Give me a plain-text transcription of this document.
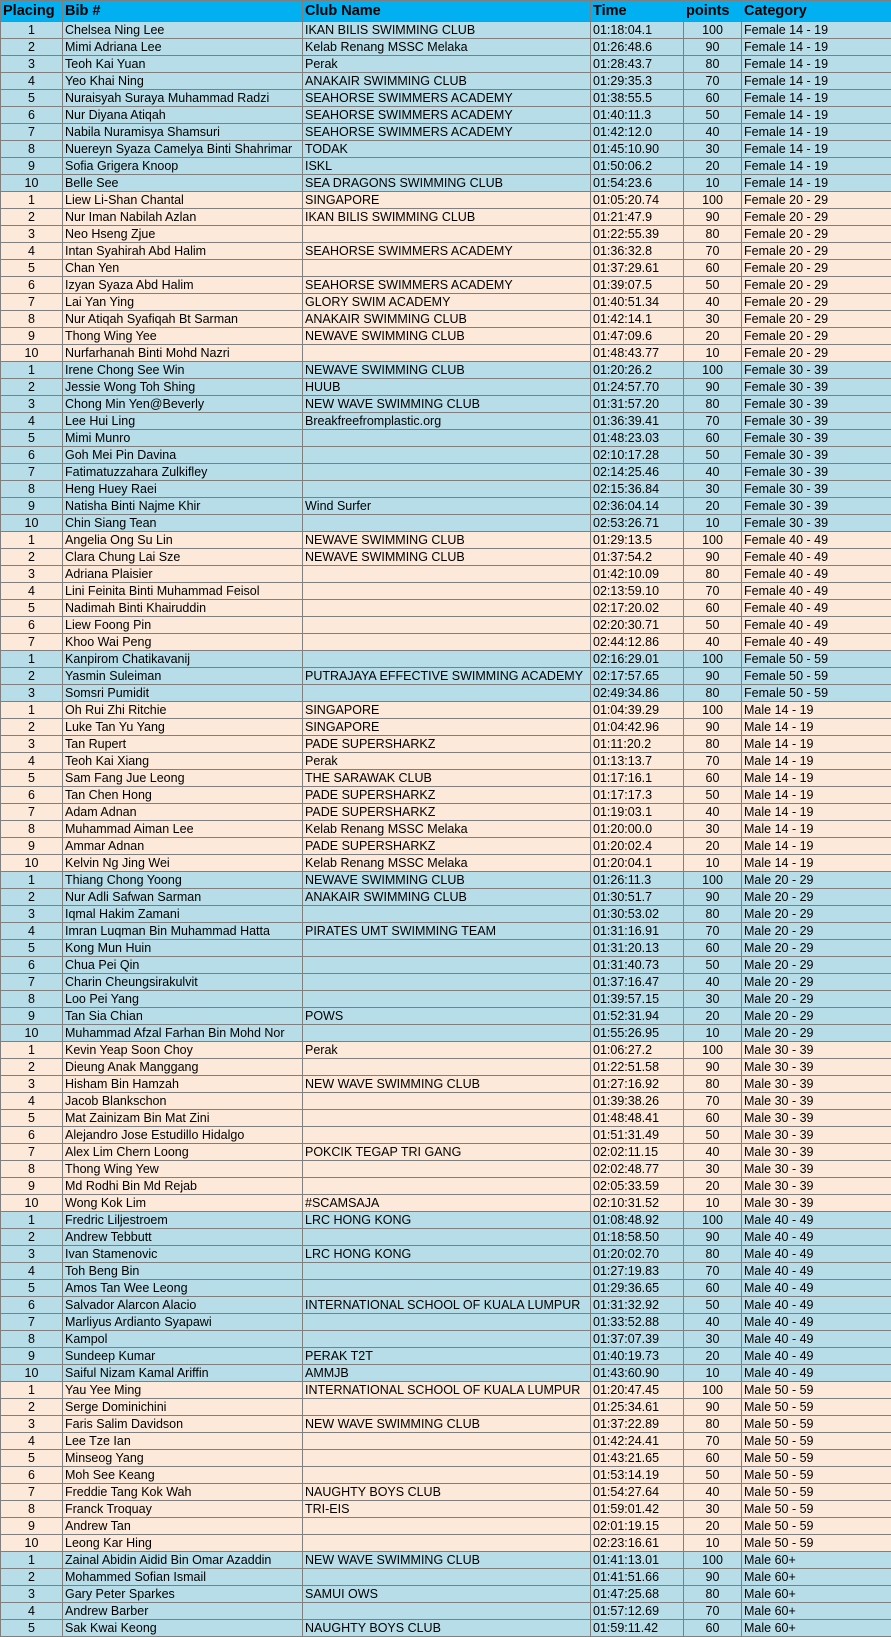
Placing	Bib #	Club Name	Time	points	Category
1	Chelsea Ning Lee	IKAN BILIS SWIMMING CLUB	01:18:04.1	100	Female 14 - 19
2	Mimi Adriana Lee	Kelab Renang MSSC Melaka	01:26:48.6	90	Female 14 - 19
3	Teoh Kai Yuan	Perak	01:28:43.7	80	Female 14 - 19
4	Yeo Khai Ning	ANAKAIR SWIMMING CLUB	01:29:35.3	70	Female 14 - 19
5	Nuraisyah Suraya Muhammad Radzi	SEAHORSE SWIMMERS ACADEMY	01:38:55.5	60	Female 14 - 19
6	Nur Diyana Atiqah	SEAHORSE SWIMMERS ACADEMY	01:40:11.3	50	Female 14 - 19
7	Nabila Nuramisya Shamsuri	SEAHORSE SWIMMERS ACADEMY	01:42:12.0	40	Female 14 - 19
8	Nuereyn Syaza Camelya Binti Shahrimar	TODAK	01:45:10.90	30	Female 14 - 19
9	Sofia Grigera Knoop	ISKL	01:50:06.2	20	Female 14 - 19
10	Belle See	SEA DRAGONS SWIMMING CLUB	01:54:23.6	10	Female 14 - 19
1	Liew Li-Shan Chantal	SINGAPORE	01:05:20.74	100	Female 20 - 29
2	Nur Iman Nabilah Azlan	IKAN BILIS SWIMMING CLUB	01:21:47.9	90	Female 20 - 29
3	Neo Hseng Zjue		01:22:55.39	80	Female 20 - 29
4	Intan Syahirah Abd Halim	SEAHORSE SWIMMERS ACADEMY	01:36:32.8	70	Female 20 - 29
5	Chan Yen		01:37:29.61	60	Female 20 - 29
6	Izyan Syaza Abd Halim	SEAHORSE SWIMMERS ACADEMY	01:39:07.5	50	Female 20 - 29
7	Lai Yan Ying	GLORY SWIM ACADEMY	01:40:51.34	40	Female 20 - 29
8	Nur Atiqah Syafiqah Bt Sarman	ANAKAIR SWIMMING CLUB	01:42:14.1	30	Female 20 - 29
9	Thong Wing Yee	NEWAVE SWIMMING CLUB	01:47:09.6	20	Female 20 - 29
10	Nurfarhanah Binti Mohd Nazri		01:48:43.77	10	Female 20 - 29
1	Irene Chong See Win	NEWAVE SWIMMING CLUB	01:20:26.2	100	Female 30 - 39
2	Jessie Wong Toh Shing	HUUB	01:24:57.70	90	Female 30 - 39
3	Chong Min Yen@Beverly	NEW WAVE SWIMMING CLUB	01:31:57.20	80	Female 30 - 39
4	Lee Hui Ling	Breakfreefromplastic.org	01:36:39.41	70	Female 30 - 39
5	Mimi Munro		01:48:23.03	60	Female 30 - 39
6	Goh Mei Pin Davina		02:10:17.28	50	Female 30 - 39
7	Fatimatuzzahara Zulkifley		02:14:25.46	40	Female 30 - 39
8	Heng Huey Raei		02:15:36.84	30	Female 30 - 39
9	Natisha Binti Najme Khir	Wind Surfer	02:36:04.14	20	Female 30 - 39
10	Chin Siang Tean		02:53:26.71	10	Female 30 - 39
1	Angelia Ong Su Lin	NEWAVE SWIMMING CLUB	01:29:13.5	100	Female 40 - 49
2	Clara Chung Lai Sze	NEWAVE SWIMMING CLUB	01:37:54.2	90	Female 40 - 49
3	Adriana Plaisier		01:42:10.09	80	Female 40 - 49
4	Lini Feinita Binti Muhammad Feisol		02:13:59.10	70	Female 40 - 49
5	Nadimah Binti Khairuddin		02:17:20.02	60	Female 40 - 49
6	Liew Foong Pin		02:20:30.71	50	Female 40 - 49
7	Khoo Wai Peng		02:44:12.86	40	Female 40 - 49
1	Kanpirom Chatikavanij		02:16:29.01	100	Female 50 - 59
2	Yasmin Suleiman	PUTRAJAYA EFFECTIVE SWIMMING ACADEMY	02:17:57.65	90	Female 50 - 59
3	Somsri Pumidit		02:49:34.86	80	Female 50 - 59
1	Oh Rui Zhi Ritchie	SINGAPORE	01:04:39.29	100	Male 14 - 19
2	Luke Tan Yu Yang	SINGAPORE	01:04:42.96	90	Male 14 - 19
3	Tan Rupert	PADE SUPERSHARKZ	01:11:20.2	80	Male 14 - 19
4	Teoh Kai Xiang	Perak	01:13:13.7	70	Male 14 - 19
5	Sam Fang Jue Leong	THE SARAWAK CLUB	01:17:16.1	60	Male 14 - 19
6	Tan Chen Hong	PADE SUPERSHARKZ	01:17:17.3	50	Male 14 - 19
7	Adam Adnan	PADE SUPERSHARKZ	01:19:03.1	40	Male 14 - 19
8	Muhammad Aiman Lee	Kelab Renang MSSC Melaka	01:20:00.0	30	Male 14 - 19
9	Ammar Adnan	PADE SUPERSHARKZ	01:20:02.4	20	Male 14 - 19
10	Kelvin Ng Jing Wei	Kelab Renang MSSC Melaka	01:20:04.1	10	Male 14 - 19
1	Thiang Chong Yoong	NEWAVE SWIMMING CLUB	01:26:11.3	100	Male 20 - 29
2	Nur Adli Safwan Sarman	ANAKAIR SWIMMING CLUB	01:30:51.7	90	Male 20 - 29
3	Iqmal Hakim Zamani		01:30:53.02	80	Male 20 - 29
4	Imran Luqman Bin Muhammad Hatta	PIRATES UMT SWIMMING TEAM	01:31:16.91	70	Male 20 - 29
5	Kong Mun Huin		01:31:20.13	60	Male 20 - 29
6	Chua Pei Qin		01:31:40.73	50	Male 20 - 29
7	Charin Cheungsirakulvit		01:37:16.47	40	Male 20 - 29
8	Loo Pei Yang		01:39:57.15	30	Male 20 - 29
9	Tan Sia Chian	POWS	01:52:31.94	20	Male 20 - 29
10	Muhammad Afzal Farhan Bin Mohd Nor		01:55:26.95	10	Male 20 - 29
1	Kevin Yeap Soon Choy	Perak	01:06:27.2	100	Male 30 - 39
2	Dieung Anak Manggang		01:22:51.58	90	Male 30 - 39
3	Hisham Bin Hamzah	NEW WAVE SWIMMING CLUB	01:27:16.92	80	Male 30 - 39
4	Jacob Blankschon		01:39:38.26	70	Male 30 - 39
5	Mat Zainizam Bin Mat Zini		01:48:48.41	60	Male 30 - 39
6	Alejandro Jose Estudillo Hidalgo		01:51:31.49	50	Male 30 - 39
7	Alex Lim Chern Loong	POKCIK TEGAP TRI GANG	02:02:11.15	40	Male 30 - 39
8	Thong Wing Yew		02:02:48.77	30	Male 30 - 39
9	Md Rodhi Bin Md Rejab		02:05:33.59	20	Male 30 - 39
10	Wong Kok Lim	#SCAMSAJA	02:10:31.52	10	Male 30 - 39
1	Fredric Liljestroem	LRC HONG KONG	01:08:48.92	100	Male 40 - 49
2	Andrew Tebbutt		01:18:58.50	90	Male 40 - 49
3	Ivan Stamenovic	LRC HONG KONG	01:20:02.70	80	Male 40 - 49
4	Toh Beng Bin		01:27:19.83	70	Male 40 - 49
5	Amos Tan Wee Leong		01:29:36.65	60	Male 40 - 49
6	Salvador Alarcon Alacio	INTERNATIONAL SCHOOL OF KUALA LUMPUR	01:31:32.92	50	Male 40 - 49
7	Marliyus Ardianto Syapawi		01:33:52.88	40	Male 40 - 49
8	Kampol		01:37:07.39	30	Male 40 - 49
9	Sundeep Kumar	PERAK T2T	01:40:19.73	20	Male 40 - 49
10	Saiful Nizam Kamal Ariffin	AMMJB	01:43:60.90	10	Male 40 - 49
1	Yau Yee Ming	INTERNATIONAL SCHOOL OF KUALA LUMPUR	01:20:47.45	100	Male 50 - 59
2	Serge Dominichini		01:25:34.61	90	Male 50 - 59
3	Faris Salim Davidson	NEW WAVE SWIMMING CLUB	01:37:22.89	80	Male 50 - 59
4	Lee Tze Ian		01:42:24.41	70	Male 50 - 59
5	Minseog Yang		01:43:21.65	60	Male 50 - 59
6	Moh See Keang		01:53:14.19	50	Male 50 - 59
7	Freddie Tang Kok Wah	NAUGHTY BOYS CLUB	01:54:27.64	40	Male 50 - 59
8	Franck Troquay	TRI-EIS	01:59:01.42	30	Male 50 - 59
9	Andrew Tan		02:01:19.15	20	Male 50 - 59
10	Leong Kar Hing		02:23:16.61	10	Male 50 - 59
1	Zainal Abidin Aidid Bin Omar Azaddin	NEW WAVE SWIMMING CLUB	01:41:13.01	100	Male 60+
2	Mohammed Sofian Ismail		01:41:51.66	90	Male 60+
3	Gary Peter Sparkes	SAMUI OWS	01:47:25.68	80	Male 60+
4	Andrew Barber		01:57:12.69	70	Male 60+
5	Sak Kwai Keong	NAUGHTY BOYS CLUB	01:59:11.42	60	Male 60+
